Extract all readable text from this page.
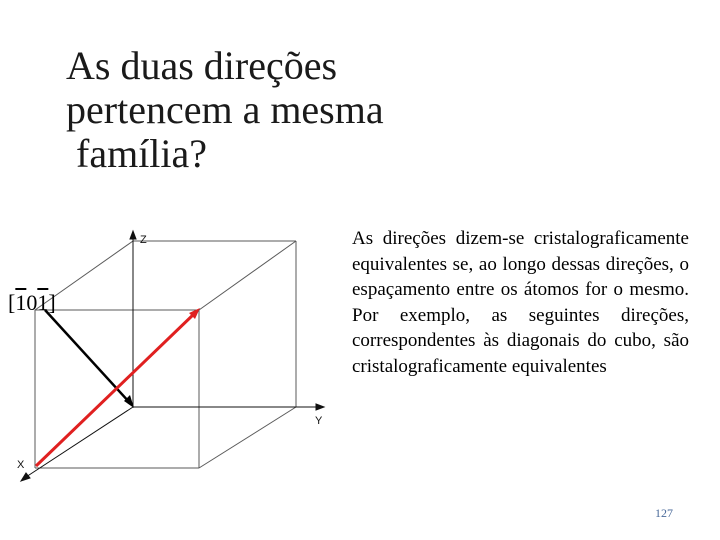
As duas direções
pertencem a mesma
família?
Z
Y
X
[101]
As direções dizem-se cristalograficamente equivalentes se, ao longo dessas direções, o espaçamento entre os átomos for o mesmo. Por exemplo, as seguintes direções, correspondentes às diagonais do cubo, são cristalograficamente equivalentes
127
